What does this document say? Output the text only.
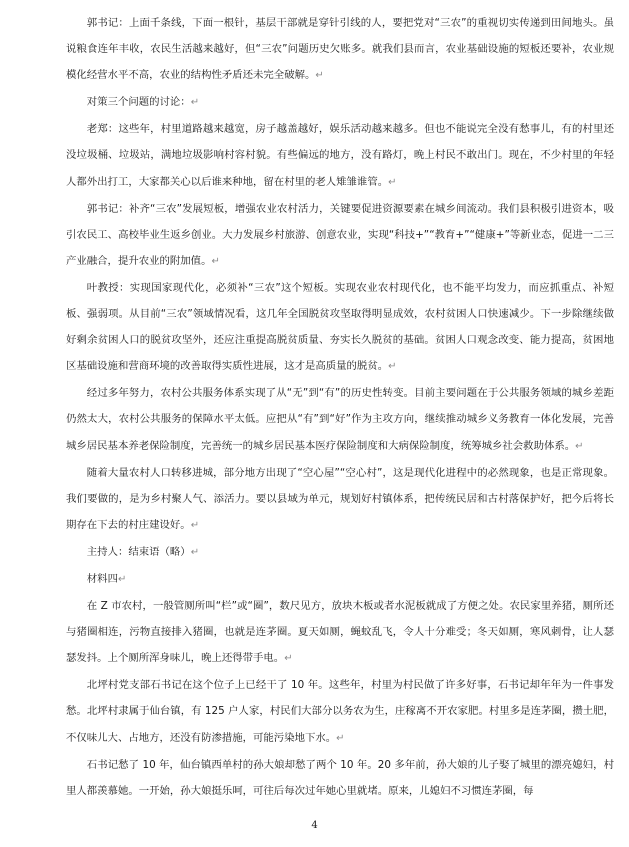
郭书记：上面千条线，下面一根针，基层干部就是穿针引线的人，要把党对“三农”的重视切实传递到田间地头。虽说粮食连年丰收，农民生活越来越好，但“三农”问题历史欠账多。就我们县而言，农业基础设施的短板还要补，农业规模化经营水平不高，农业的结构性矛盾还未完全破解。↵

对策三个问题的讨论：↵

老郑：这些年，村里道路越来越宽，房子越盖越好，娱乐活动越来越多。但也不能说完全没有愁事儿，有的村里还没垃圾桶、垃圾站，满地垃圾影响村容村貌。有些偏远的地方，没有路灯，晚上村民不敢出门。现在，不少村里的年轻人都外出打工，大家都关心以后谁来种地，留在村里的老人雉雏谁管。↵

郭书记：补齐“三农”发展短板，增强农业农村活力，关键要促进资源要素在城乡间流动。我们县积极引进资本，吸引农民工、高校毕业生返乡创业。大力发展乡村旅游、创意农业，实现“科技+”“教育+”“健康+”等新业态，促进一二三产业融合，提升农业的附加值。↵

叶教授：实现国家现代化，必须补“三农”这个短板。实现农业农村现代化，也不能平均发力，而应抓重点、补短板、强弱项。从目前“三农”领域情况看，这几年全国脱贫攻坚取得明显成效，农村贫困人口快速减少。下一步除继续做好剩余贫困人口的脱贫攻坚外，还应注重提高脱贫质量、夯实长久脱贫的基础。贫困人口观念改变、能力提高，贫困地区基础设施和营商环境的改善取得实质性进展，这才是高质量的脱贫。↵

经过多年努力，农村公共服务体系实现了从“无”到“有”的历史性转变。目前主要问题在于公共服务领域的城乡差距仍然太大，农村公共服务的保障水平太低。应把从“有”到“好”作为主攻方向，继续推动城乡义务教育一体化发展，完善城乡居民基本养老保险制度，完善统一的城乡居民基本医疗保险制度和大病保险制度，统筹城乡社会救助体系。↵

随着大量农村人口转移进城，部分地方出现了“空心屋”“空心村”，这是现代化进程中的必然现象，也是正常现象。我们要做的，是为乡村聚人气、添活力。要以县域为单元，规划好村镇体系，把传统民居和古村落保护好，把今后将长期存在下去的村庄建设好。↵

主持人：结束语（略）↵

材料四↵

在 Z 市农村，一般管厕所叫“栏”或“圈”，数尺见方，放块木板或者水泥板就成了方便之处。农民家里养猪，厕所还与猪圈相连，污物直接排入猪圈，也就是连茅圈。夏天如厕，蝇蚊乱飞，令人十分难受；冬天如厕，寒风刺骨，让人瑟瑟发抖。上个厕所浑身味儿，晚上还得带手电。↵

北坪村党支部石书记在这个位子上已经干了 10 年。这些年，村里为村民做了许多好事，石书记却年年为一件事发愁。北坪村隶属于仙台镇，有 125 户人家，村民们大部分以务农为生，庄稼离不开农家肥。村里多是连茅圈，攒土肥，不仅味儿大、占地方，还没有防渗措施，可能污染地下水。↵

石书记愁了 10 年，仙台镇西单村的孙大娘却愁了两个 10 年。20 多年前，孙大娘的儿子娶了城里的漂亮媳妇，村里人都羡慕她。一开始，孙大娘挺乐呵，可往后每次过年她心里就堵。原来，儿媳妇不习惯连茅圈，每

4
